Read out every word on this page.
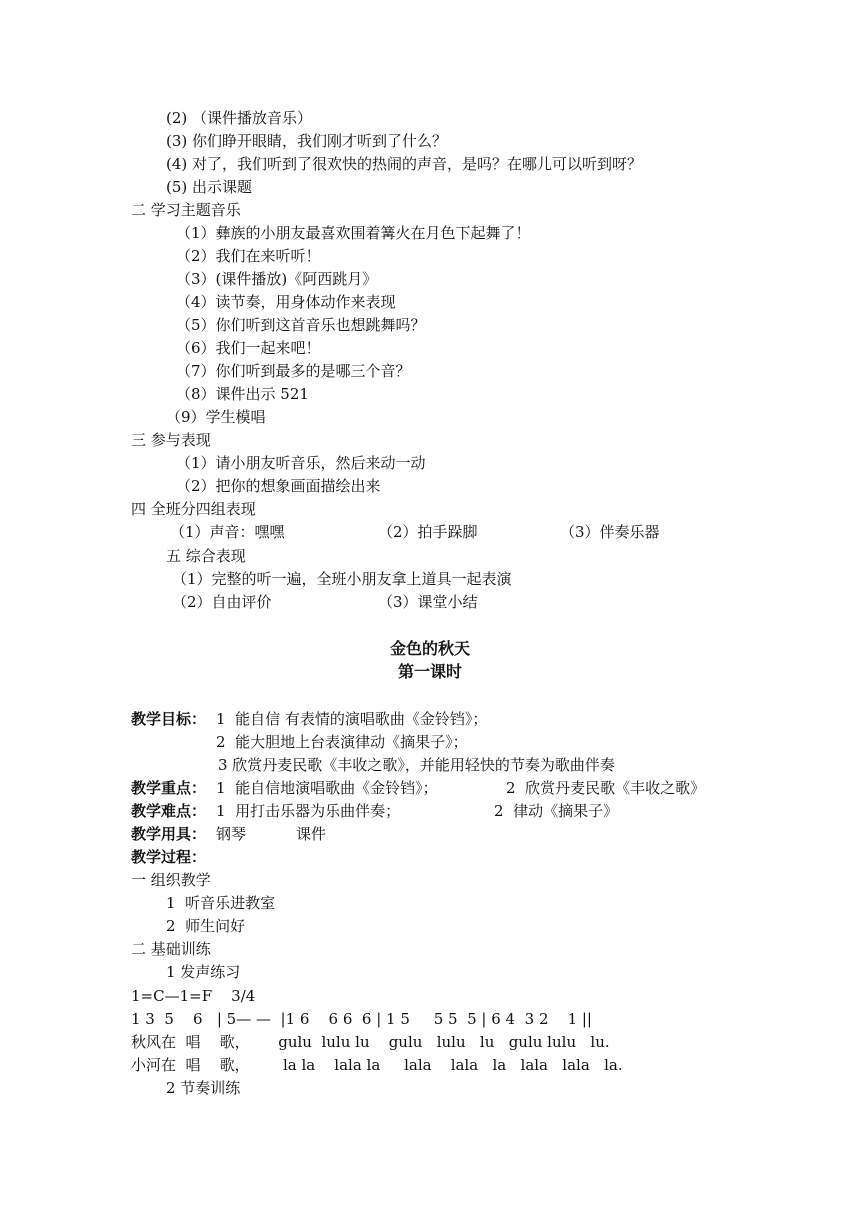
(2) （课件播放音乐）
(3) 你们睁开眼睛，我们刚才听到了什么？
(4) 对了，我们听到了很欢快的热闹的声音，是吗？在哪儿可以听到呀？
(5) 出示课题
二 学习主题音乐
（1）彝族的小朋友最喜欢围着篝火在月色下起舞了！
（2）我们在来听听！
（3）(课件播放)《阿西跳月》
（4）读节奏，用身体动作来表现
（5）你们听到这首音乐也想跳舞吗？
（6）我们一起来吧！
（7）你们听到最多的是哪三个音？
（8）课件出示 521
（9）学生模唱
三 参与表现
（1）请小朋友听音乐，然后来动一动
（2）把你的想象画面描绘出来
四 全班分四组表现
（1）声音：嘿嘿	（2）拍手跺脚	（3）伴奏乐器
五 综合表现
（1）完整的听一遍，全班小朋友拿上道具一起表演
（2）自由评价	（3）课堂小结
金色的秋天
第一课时
教学目标： 1  能自信 有表情的演唱歌曲《金铃铛》；
2  能大胆地上台表演律动《摘果子》；
3 欣赏丹麦民歌《丰收之歌》，并能用轻快的节奏为歌曲伴奏
教学重点： 1  能自信地演唱歌曲《金铃铛》；	2  欣赏丹麦民歌《丰收之歌》
教学难点： 1  用打击乐器为乐曲伴奏；	2  律动《摘果子》
教学用具： 钢琴	课件
教学过程：
一 组织教学
1  听音乐进教室
2  师生问好
二 基础训练
1 发声练习
1=C—1=F    3/4
1 3  5    6   | 5— —  |1 6    6 6  6 | 1 5     5 5  5 | 6 4  3 2    1 ||
秋风在  唱    歌，      gulu  lulu lu    gulu   lulu   lu   gulu lulu   lu.
小河在  唱    歌，       la la    lala la     lala    lala   la   lala   lala   la.
2 节奏训练
